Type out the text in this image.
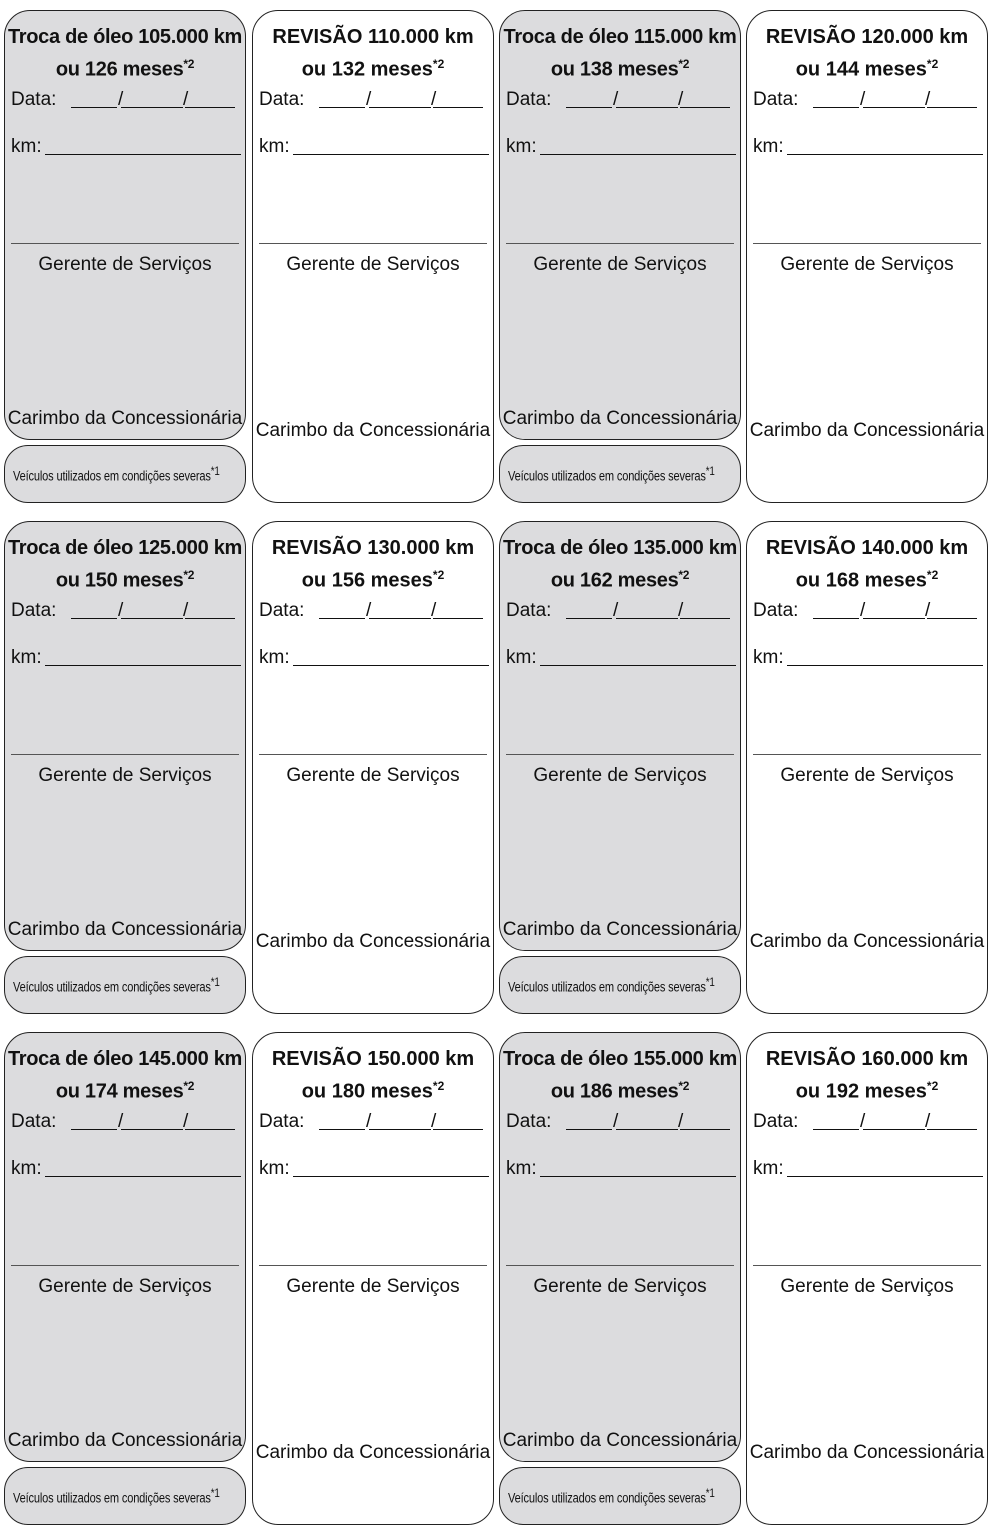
Troca de óleo 105.000 km
ou 126 meses$^{*2}$
Data:	/	/
km:
Gerente de Serviços
Carimbo da Concessionária
Veículos utilizados em condições severas$^{*1}$
REVISÃO 110.000 km
ou 132 meses$^{*2}$
Data:	/	/
km:
Gerente de Serviços
Carimbo da Concessionária
Troca de óleo 115.000 km
ou 138 meses$^{*2}$
Data:	/	/
km:
Gerente de Serviços
Carimbo da Concessionária
Veículos utilizados em condições severas$^{*1}$
REVISÃO 120.000 km
ou 144 meses$^{*2}$
Data:	/	/
km:
Gerente de Serviços
Carimbo da Concessionária
Troca de óleo 125.000 km
ou 150 meses$^{*2}$
Data:	/	/
km:
Gerente de Serviços
Carimbo da Concessionária
Veículos utilizados em condições severas$^{*1}$
REVISÃO 130.000 km
ou 156 meses$^{*2}$
Data:	/	/
km:
Gerente de Serviços
Carimbo da Concessionária
Troca de óleo 135.000 km
ou 162 meses$^{*2}$
Data:	/	/
km:
Gerente de Serviços
Carimbo da Concessionária
Veículos utilizados em condições severas$^{*1}$
REVISÃO 140.000 km
ou 168 meses$^{*2}$
Data:	/	/
km:
Gerente de Serviços
Carimbo da Concessionária
Troca de óleo 145.000 km
ou 174 meses$^{*2}$
Data:	/	/
km:
Gerente de Serviços
Carimbo da Concessionária
Veículos utilizados em condições severas$^{*1}$
REVISÃO 150.000 km
ou 180 meses$^{*2}$
Data:	/	/
km:
Gerente de Serviços
Carimbo da Concessionária
Troca de óleo 155.000 km
ou 186 meses$^{*2}$
Data:	/	/
km:
Gerente de Serviços
Carimbo da Concessionária
Veículos utilizados em condições severas$^{*1}$
REVISÃO 160.000 km
ou 192 meses$^{*2}$
Data:	/	/
km:
Gerente de Serviços
Carimbo da Concessionária
